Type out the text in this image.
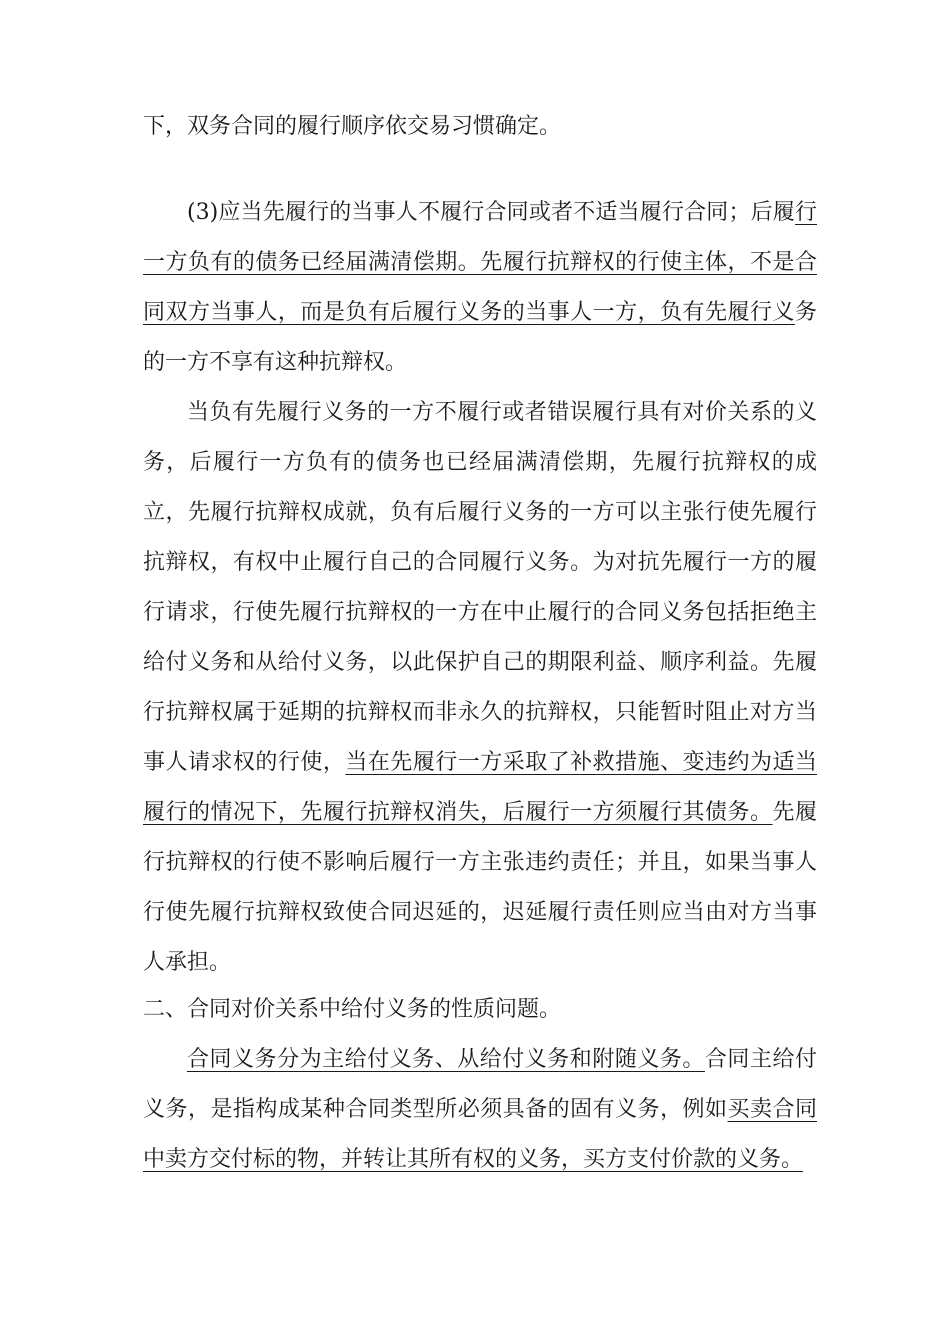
下，双务合同的履行顺序依交易习惯确定。

(3)应当先履行的当事人不履行合同或者不适当履行合同；后履行一方负有的债务已经届满清偿期。先履行抗辩权的行使主体，不是合同双方当事人，而是负有后履行义务的当事人一方，负有先履行义务的一方不享有这种抗辩权。

当负有先履行义务的一方不履行或者错误履行具有对价关系的义务，后履行一方负有的债务也已经届满清偿期，先履行抗辩权的成立，先履行抗辩权成就，负有后履行义务的一方可以主张行使先履行抗辩权，有权中止履行自己的合同履行义务。为对抗先履行一方的履行请求，行使先履行抗辩权的一方在中止履行的合同义务包括拒绝主给付义务和从给付义务，以此保护自己的期限利益、顺序利益。先履行抗辩权属于延期的抗辩权而非永久的抗辩权，只能暂时阻止对方当事人请求权的行使，当在先履行一方采取了补救措施、变违约为适当履行的情况下，先履行抗辩权消失，后履行一方须履行其债务。先履行抗辩权的行使不影响后履行一方主张违约责任；并且，如果当事人行使先履行抗辩权致使合同迟延的，迟延履行责任则应当由对方当事人承担。

二、合同对价关系中给付义务的性质问题。

合同义务分为主给付义务、从给付义务和附随义务。合同主给付义务，是指构成某种合同类型所必须具备的固有义务，例如买卖合同中卖方交付标的物，并转让其所有权的义务，买方支付价款的义务。
